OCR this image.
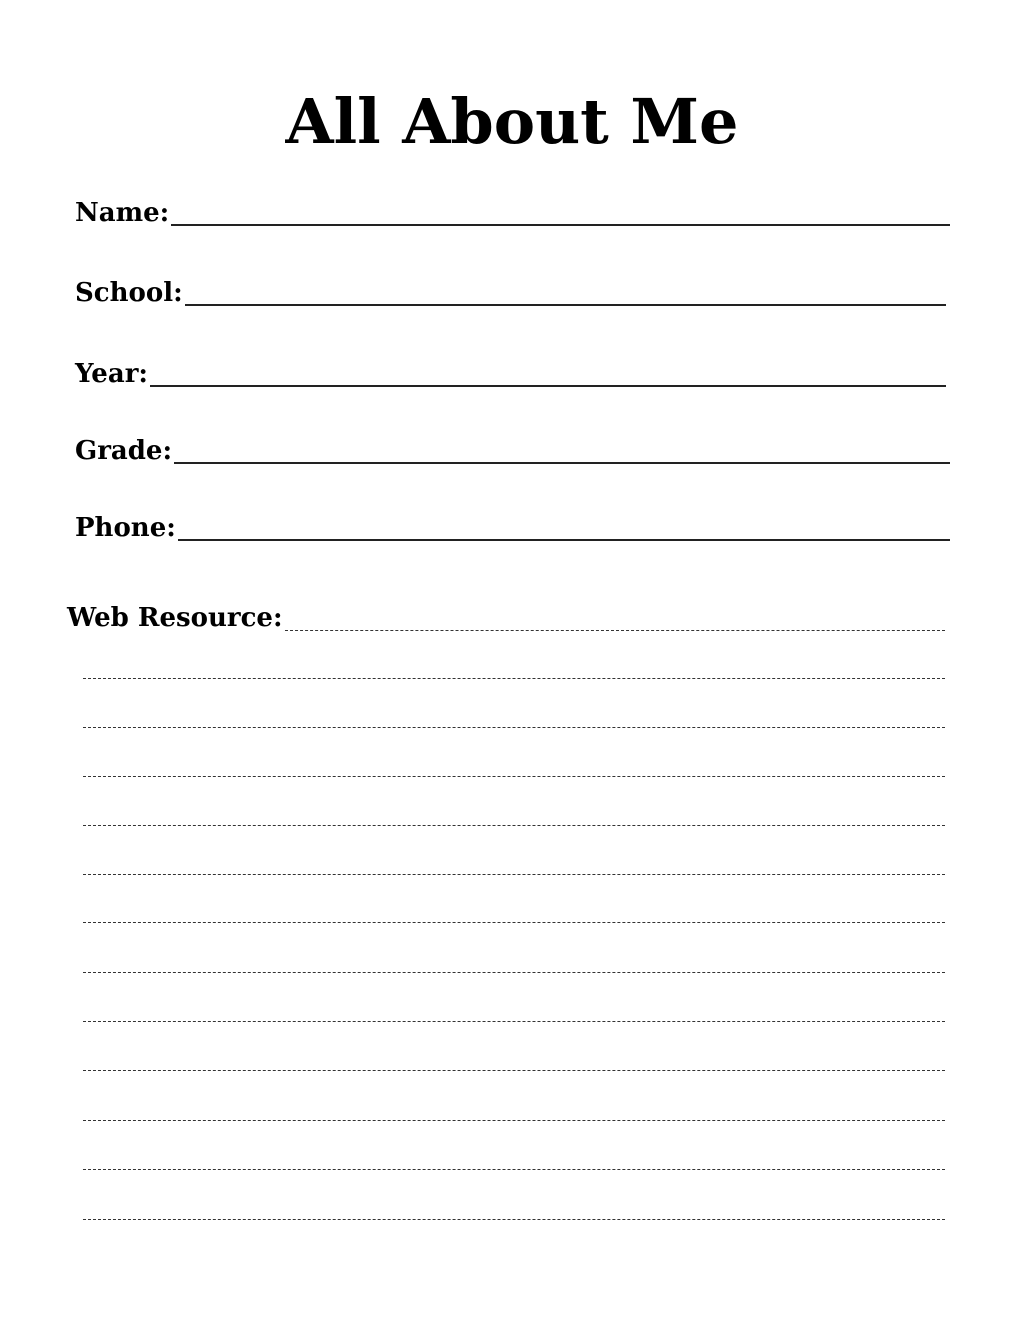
All About Me
Name:
School:
Year:
Grade:
Phone:
Web Resource:
